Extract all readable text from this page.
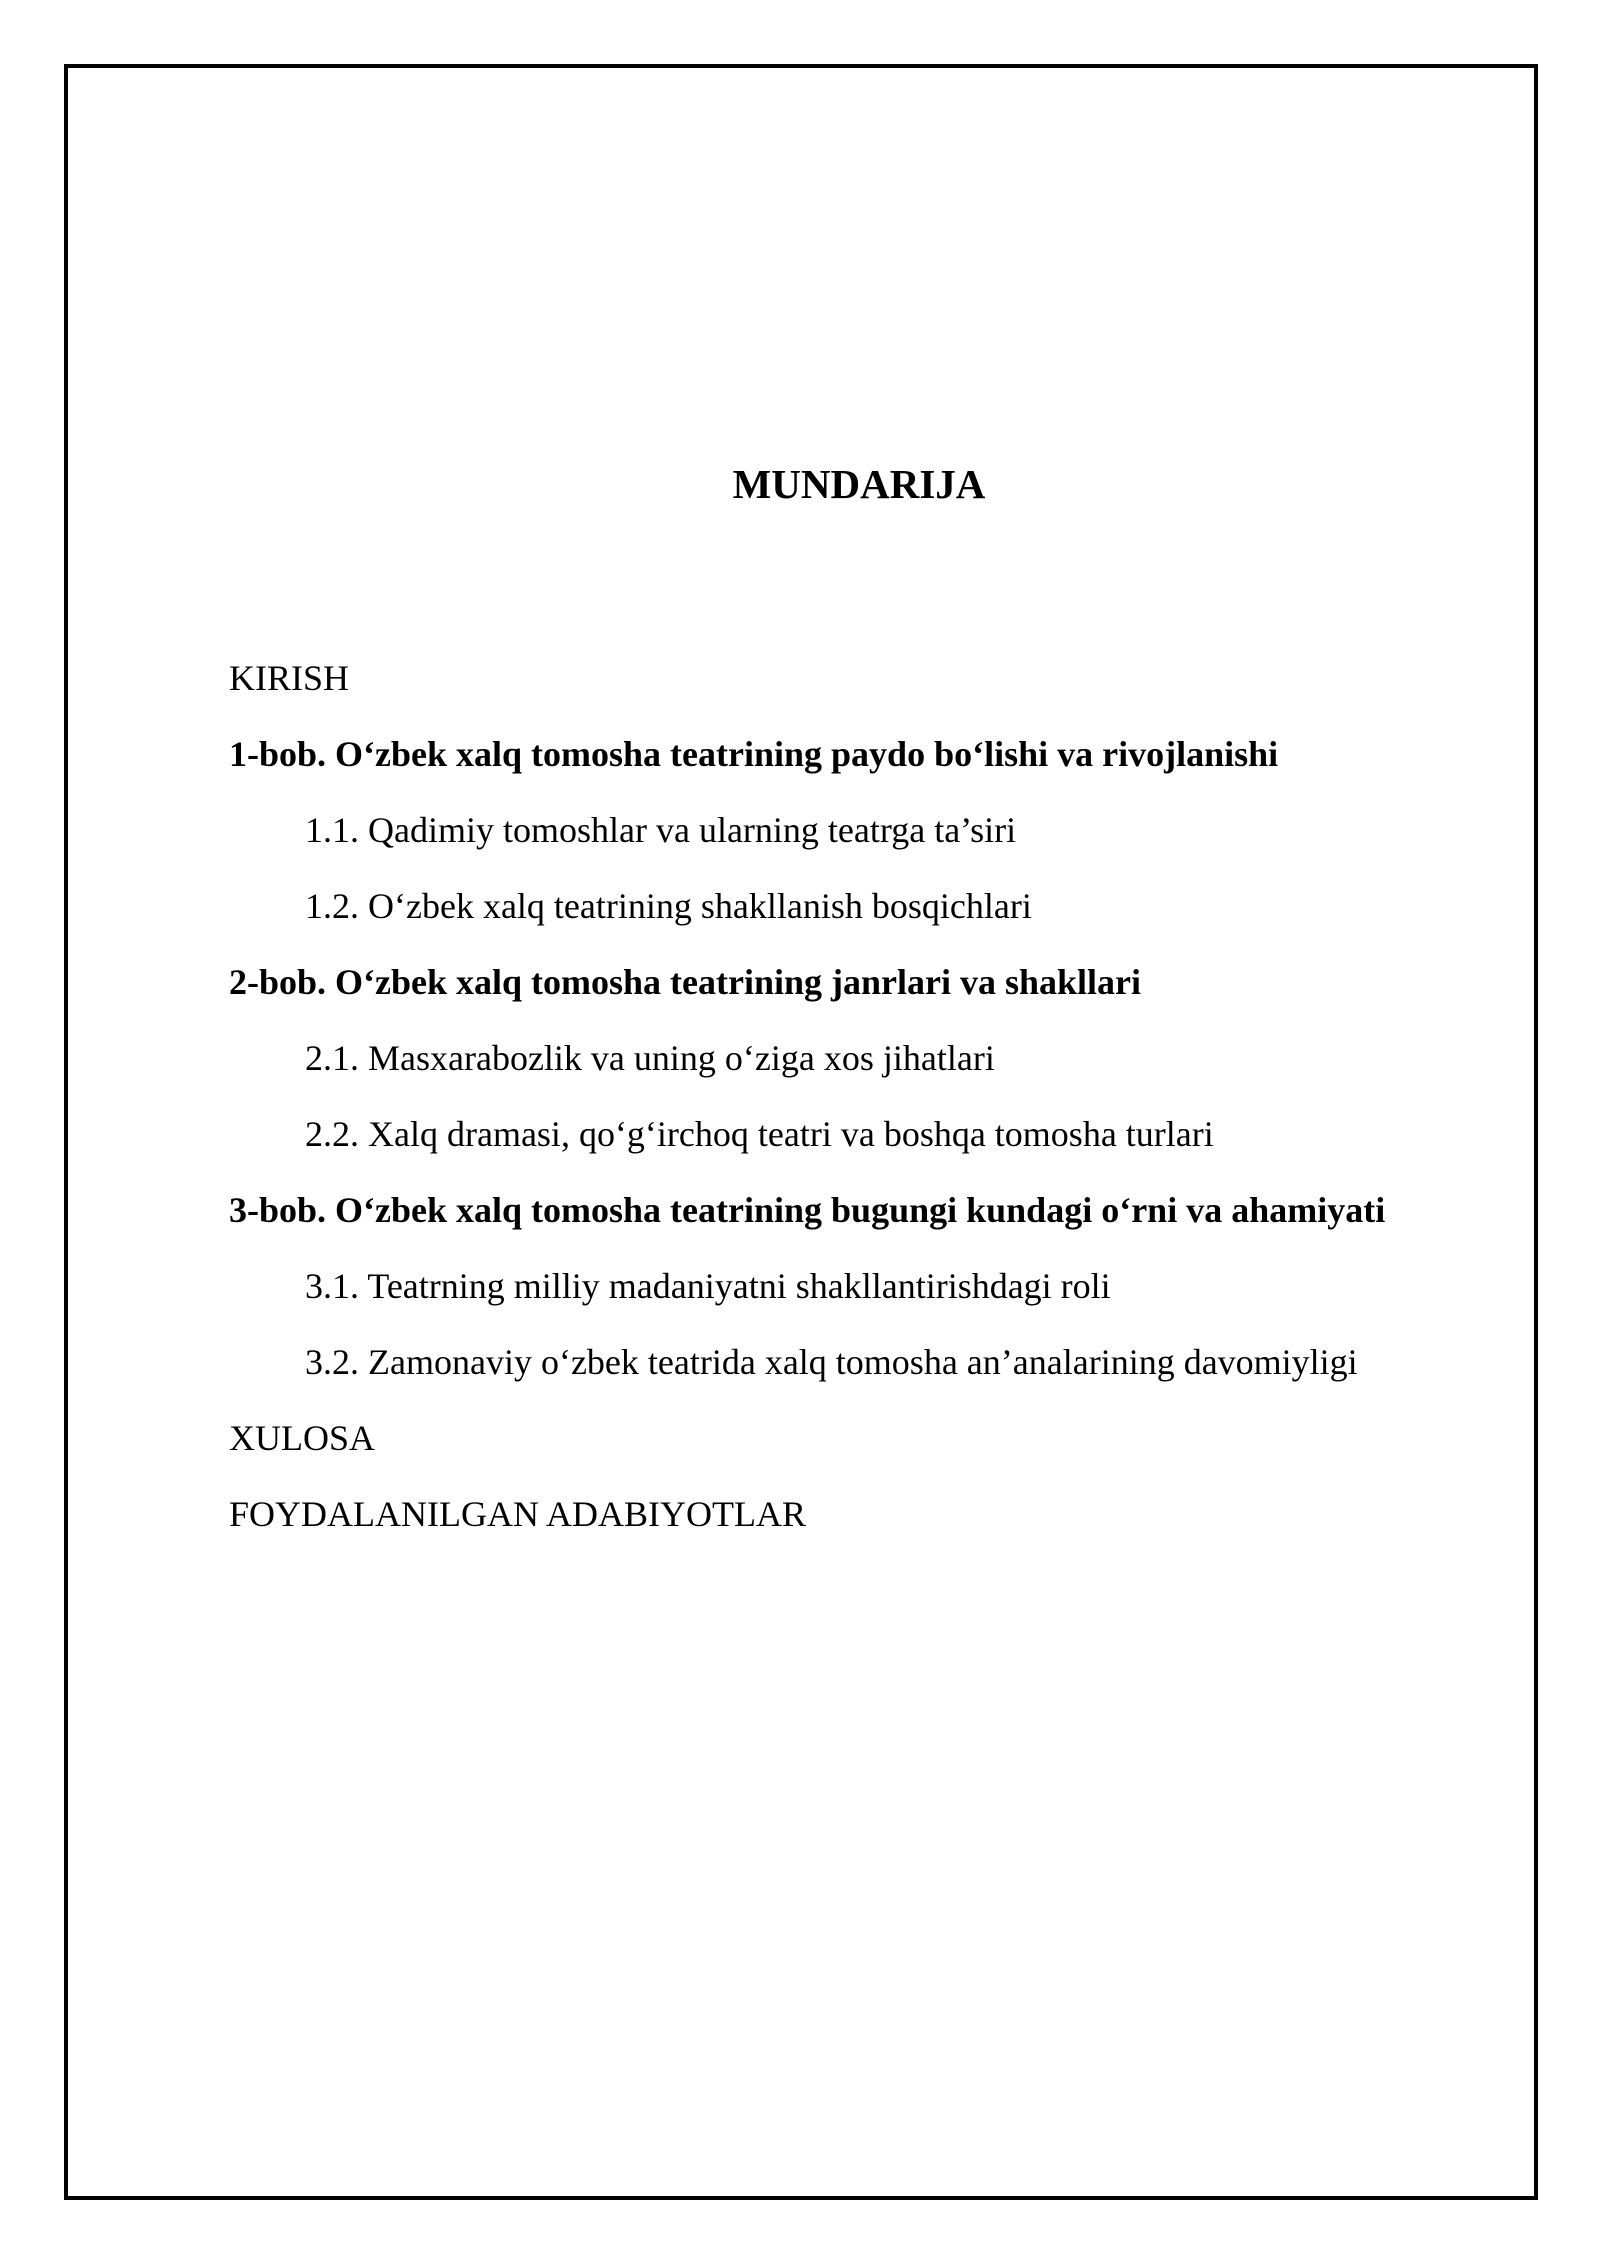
MUNDARIJA
KIRISH
1-bob. O‘zbek xalq tomosha teatrining paydo bo‘lishi va rivojlanishi
1.1. Qadimiy tomoshlar va ularning teatrga ta’siri
1.2. O‘zbek xalq teatrining shakllanish bosqichlari
2-bob. O‘zbek xalq tomosha teatrining janrlari va shakllari
2.1. Masxarabozlik va uning o‘ziga xos jihatlari
2.2. Xalq dramasi, qo‘g‘irchoq teatri va boshqa tomosha turlari
3-bob. O‘zbek xalq tomosha teatrining bugungi kundagi o‘rni va ahamiyati
3.1. Teatrning milliy madaniyatni shakllantirishdagi roli
3.2. Zamonaviy o‘zbek teatrida xalq tomosha an’analarining davomiyligi
XULOSA
FOYDALANILGAN ADABIYOTLAR
